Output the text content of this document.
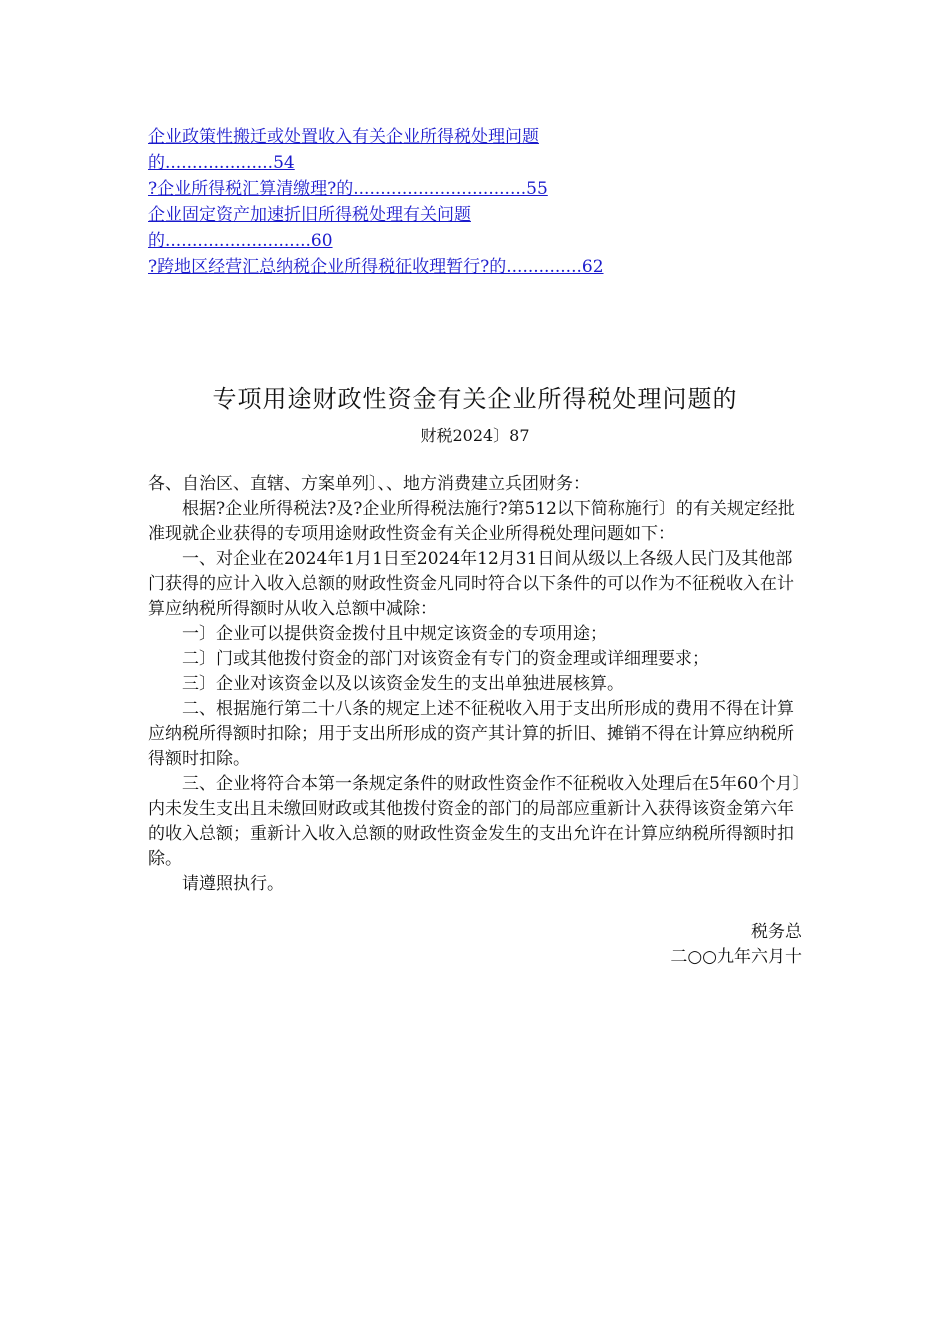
企业政策性搬迁或处置收入有关企业所得税处理问题
的....................54
?企业所得税汇算清缴理?的................................55
企业固定资产加速折旧所得税处理有关问题
的...........................60
?跨地区经营汇总纳税企业所得税征收理暂行?的..............62
专项用途财政性资金有关企业所得税处理问题的
财税2024〕87

各、自治区、直辖、方案单列〕、、地方消费建立兵团财务：

根据?企业所得税法?及?企业所得税法施行?第512以下简称施行〕的有关规定经批准现就企业获得的专项用途财政性资金有关企业所得税处理问题如下：

一、对企业在2024年1月1日至2024年12月31日间从级以上各级人民门及其他部门获得的应计入收入总额的财政性资金凡同时符合以下条件的可以作为不征税收入在计算应纳税所得额时从收入总额中减除：

一〕企业可以提供资金拨付且中规定该资金的专项用途；

二〕门或其他拨付资金的部门对该资金有专门的资金理或详细理要求；

三〕企业对该资金以及以该资金发生的支出单独进展核算。

二、根据施行第二十八条的规定上述不征税收入用于支出所形成的费用不得在计算应纳税所得额时扣除；用于支出所形成的资产其计算的折旧、摊销不得在计算应纳税所得额时扣除。

三、企业将符合本第一条规定条件的财政性资金作不征税收入处理后在5年60个月〕内未发生支出且未缴回财政或其他拨付资金的部门的局部应重新计入获得该资金第六年的收入总额；重新计入收入总额的财政性资金发生的支出允许在计算应纳税所得额时扣除。

请遵照执行。

税务总
二○○九年六月十
